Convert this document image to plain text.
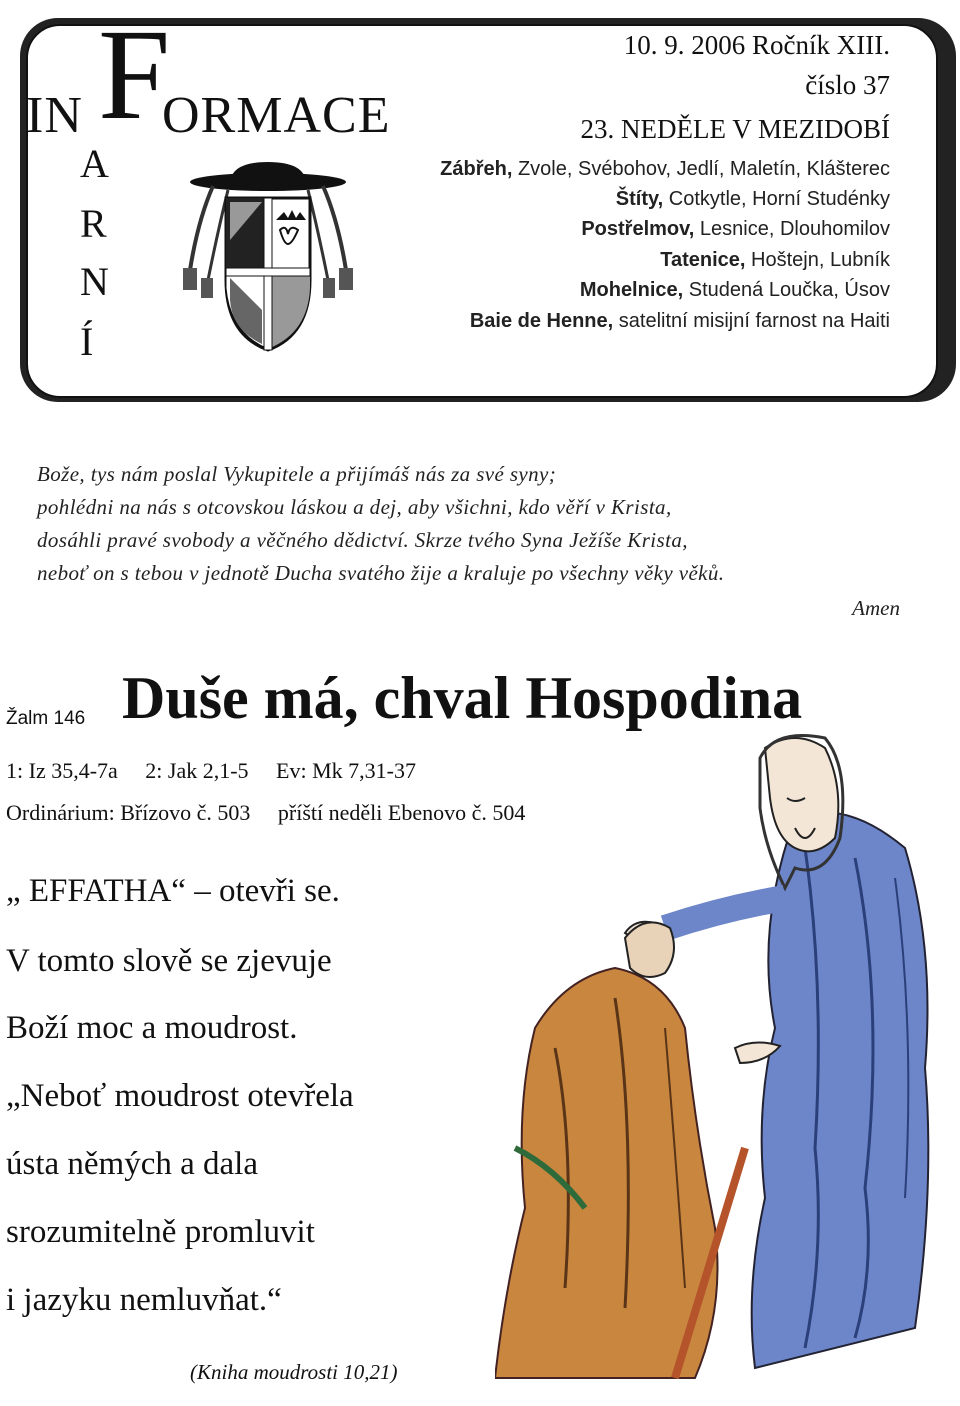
IN F
ORMACE
A
R
N
Í
10. 9. 2006 Ročník XIII.
číslo 37
23. NEDĚLE V MEZIDOBÍ
Zábřeh, Zvole, Svébohov, Jedlí, Maletín, Klášterec
Štíty, Cotkytle, Horní Studénky
Postřelmov, Lesnice, Dlouhomilov
Tatenice, Hoštejn, Lubník
Mohelnice, Studená Loučka, Úsov
Baie de Henne, satelitní misijní farnost na Haiti
Bože, tys nám poslal Vykupitele a přijímáš nás za své syny;
pohlédni na nás s otcovskou láskou a dej, aby všichni, kdo věří v Krista,
dosáhli pravé svobody a věčného dědictví. Skrze tvého Syna Ježíše Krista,
neboť on s tebou v jednotě Ducha svatého žije a kraluje po všechny věky věků.
Amen
Žalm 146 Duše má, chval Hospodina
1: Iz 35,4-7a     2: Jak 2,1-5     Ev: Mk 7,31-37
Ordinárium: Břízovo č. 503     příští neděli Ebenovo č. 504
„ EFFATHA“ – otevři se.
V tomto slově se zjevuje
Boží moc a moudrost.
„Neboť moudrost otevřela
ústa němých a dala
srozumitelně promluvit
i jazyku nemluvňat.“
(Kniha moudrosti 10,21)
